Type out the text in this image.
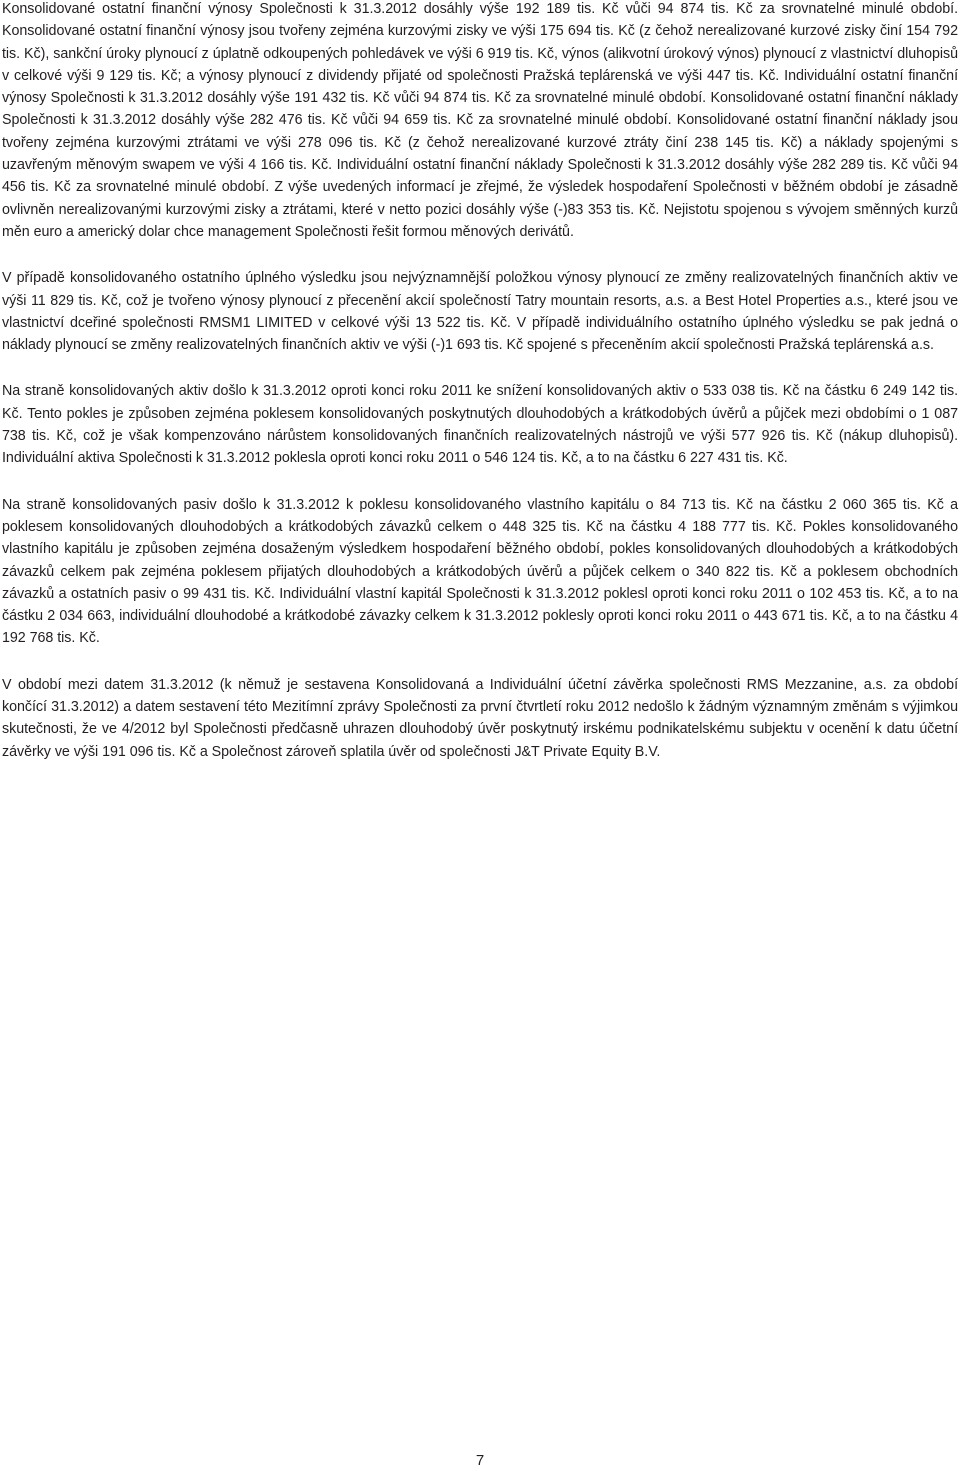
Konsolidované ostatní finanční výnosy Společnosti k 31.3.2012 dosáhly výše 192 189 tis. Kč vůči 94 874 tis. Kč za srovnatelné minulé období. Konsolidované ostatní finanční výnosy jsou tvořeny zejména kurzovými zisky ve výši 175 694 tis. Kč (z čehož nerealizované kurzové zisky činí 154 792 tis. Kč), sankční úroky plynoucí z úplatně odkoupených pohledávek ve výši 6 919 tis. Kč, výnos (alikvotní úrokový výnos) plynoucí z vlastnictví dluhopisů v celkové výši 9 129 tis. Kč; a výnosy plynoucí z dividendy přijaté od společnosti Pražská teplárenská ve výši 447 tis. Kč. Individuální ostatní finanční výnosy Společnosti k 31.3.2012 dosáhly výše 191 432 tis. Kč vůči 94 874 tis. Kč za srovnatelné minulé období. Konsolidované ostatní finanční náklady Společnosti k 31.3.2012 dosáhly výše 282 476 tis. Kč vůči 94 659 tis. Kč za srovnatelné minulé období. Konsolidované ostatní finanční náklady jsou tvořeny zejména kurzovými ztrátami ve výši 278 096 tis. Kč (z čehož nerealizované kurzové ztráty činí 238 145 tis. Kč) a náklady spojenými s uzavřeným měnovým swapem ve výši 4 166 tis. Kč. Individuální ostatní finanční náklady Společnosti k 31.3.2012 dosáhly výše 282 289 tis. Kč vůči 94 456 tis. Kč za srovnatelné minulé období. Z výše uvedených informací je zřejmé, že výsledek hospodaření Společnosti v běžném období je zásadně ovlivněn nerealizovanými kurzovými zisky a ztrátami, které v netto pozici dosáhly výše (-)83 353 tis. Kč. Nejistotu spojenou s vývojem směnných kurzů měn euro a americký dolar chce management Společnosti řešit formou měnových derivátů.

V případě konsolidovaného ostatního úplného výsledku jsou nejvýznamnější položkou výnosy plynoucí ze změny realizovatelných finančních aktiv ve výši 11 829 tis. Kč, což je tvořeno výnosy plynoucí z přecenění akcií společností Tatry mountain resorts, a.s. a Best Hotel Properties a.s., které jsou ve vlastnictví dceřiné společnosti RMSM1 LIMITED v celkové výši 13 522 tis. Kč. V případě individuálního ostatního úplného výsledku se pak jedná o náklady plynoucí se změny realizovatelných finančních aktiv ve výši (-)1 693 tis. Kč spojené s přeceněním akcií společnosti Pražská teplárenská a.s.

Na straně konsolidovaných aktiv došlo k 31.3.2012 oproti konci roku 2011 ke snížení konsolidovaných aktiv o 533 038 tis. Kč na částku 6 249 142 tis. Kč. Tento pokles je způsoben zejména poklesem konsolidovaných poskytnutých dlouhodobých a krátkodobých úvěrů a půjček mezi obdobími o 1 087 738 tis. Kč, což je však kompenzováno nárůstem konsolidovaných finančních realizovatelných nástrojů ve výši 577 926 tis. Kč (nákup dluhopisů). Individuální aktiva Společnosti k 31.3.2012 poklesla oproti konci roku 2011 o 546 124 tis. Kč, a to na částku 6 227 431 tis. Kč.

Na straně konsolidovaných pasiv došlo k 31.3.2012 k poklesu konsolidovaného vlastního kapitálu o 84 713 tis. Kč na částku 2 060 365 tis. Kč a poklesem konsolidovaných dlouhodobých a krátkodobých závazků celkem o 448 325 tis. Kč na částku 4 188 777 tis. Kč. Pokles konsolidovaného vlastního kapitálu je způsoben zejména dosaženým výsledkem hospodaření běžného období, pokles konsolidovaných dlouhodobých a krátkodobých závazků celkem pak zejména poklesem přijatých dlouhodobých a krátkodobých úvěrů a půjček celkem o 340 822 tis. Kč a poklesem obchodních závazků a ostatních pasiv o 99 431 tis. Kč. Individuální vlastní kapitál Společnosti k 31.3.2012 poklesl oproti konci roku 2011 o 102 453 tis. Kč, a to na částku 2 034 663, individuální dlouhodobé a krátkodobé závazky celkem k 31.3.2012 poklesly oproti konci roku 2011 o 443 671 tis. Kč, a to na částku 4 192 768 tis. Kč.

V období mezi datem 31.3.2012 (k němuž je sestavena Konsolidovaná a Individuální účetní závěrka společnosti RMS Mezzanine, a.s. za období končící 31.3.2012) a datem sestavení této Mezitímní zprávy Společnosti za první čtvrtletí roku 2012 nedošlo k žádným významným změnám s výjimkou skutečnosti, že ve 4/2012 byl Společnosti předčasně uhrazen dlouhodobý úvěr poskytnutý irskému podnikatelskému subjektu v ocenění k datu účetní závěrky ve výši 191 096 tis. Kč a Společnost zároveň splatila úvěr od společnosti J&T Private Equity B.V.

7
